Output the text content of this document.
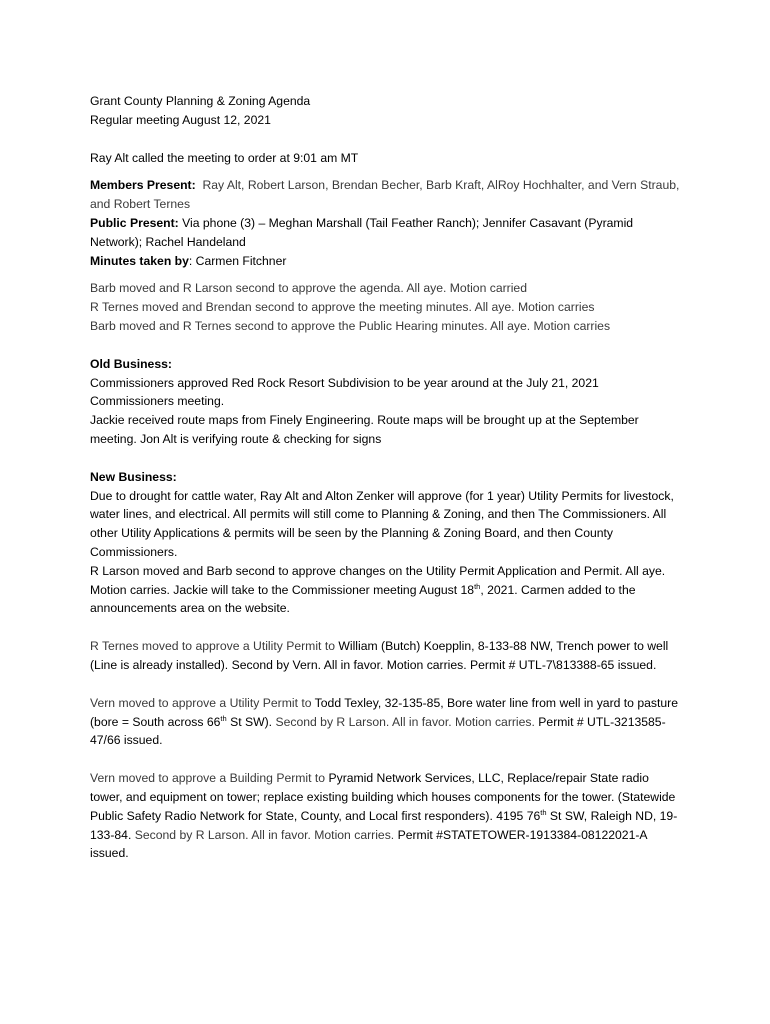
Grant County Planning & Zoning Agenda

Regular meeting August 12, 2021

Ray Alt called the meeting to order at 9:01 am MT

Members Present: Ray Alt, Robert Larson, Brendan Becher, Barb Kraft, AlRoy Hochhalter, and Vern Straub, and Robert Ternes

Public Present: Via phone (3) – Meghan Marshall (Tail Feather Ranch); Jennifer Casavant (Pyramid Network); Rachel Handeland

Minutes taken by: Carmen Fitchner

Barb moved and R Larson second to approve the agenda. All aye. Motion carried

R Ternes moved and Brendan second to approve the meeting minutes. All aye. Motion carries

Barb moved and R Ternes second to approve the Public Hearing minutes. All aye. Motion carries

Old Business:

Commissioners approved Red Rock Resort Subdivision to be year around at the July 21, 2021 Commissioners meeting.

Jackie received route maps from Finely Engineering. Route maps will be brought up at the September meeting. Jon Alt is verifying route & checking for signs

New Business:

Due to drought for cattle water, Ray Alt and Alton Zenker will approve (for 1 year) Utility Permits for livestock, water lines, and electrical. All permits will still come to Planning & Zoning, and then The Commissioners. All other Utility Applications & permits will be seen by the Planning & Zoning Board, and then County Commissioners.

R Larson moved and Barb second to approve changes on the Utility Permit Application and Permit. All aye. Motion carries. Jackie will take to the Commissioner meeting August 18th, 2021. Carmen added to the announcements area on the website.

R Ternes moved to approve a Utility Permit to William (Butch) Koepplin, 8-133-88 NW, Trench power to well (Line is already installed). Second by Vern. All in favor. Motion carries. Permit # UTL-7\813388-65 issued.

Vern moved to approve a Utility Permit to Todd Texley, 32-135-85, Bore water line from well in yard to pasture (bore = South across 66th St SW). Second by R Larson. All in favor. Motion carries. Permit # UTL-3213585-47/66 issued.

Vern moved to approve a Building Permit to Pyramid Network Services, LLC, Replace/repair State radio tower, and equipment on tower; replace existing building which houses components for the tower. (Statewide Public Safety Radio Network for State, County, and Local first responders). 4195 76th St SW, Raleigh ND, 19-133-84. Second by R Larson. All in favor. Motion carries. Permit #STATETOWER-1913384-08122021-A issued.
